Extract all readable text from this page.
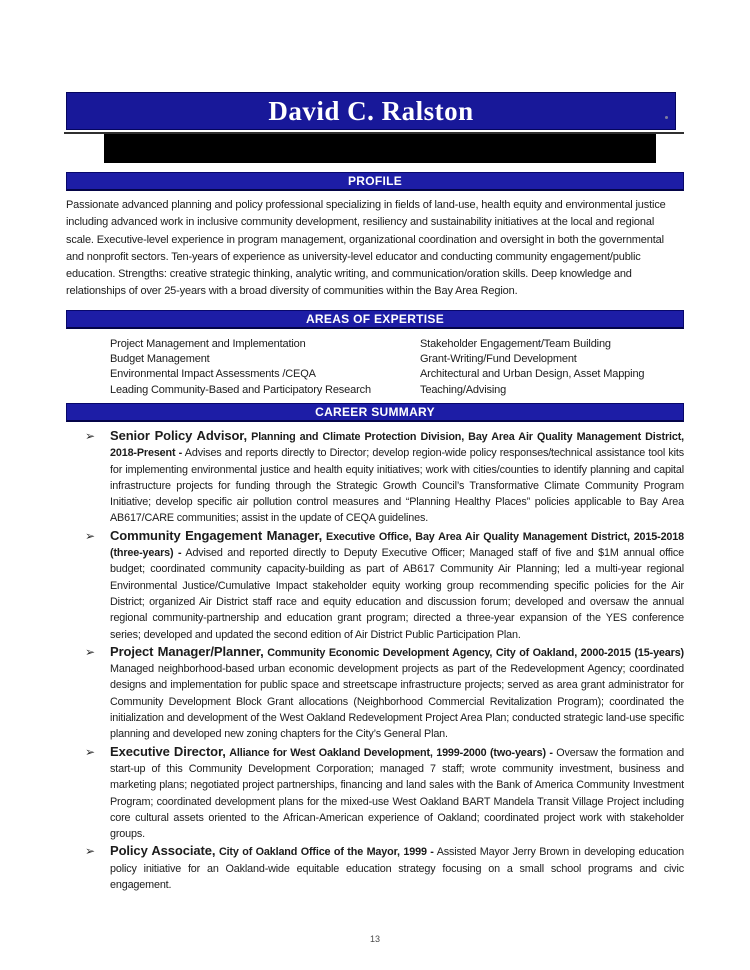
David C. Ralston
PROFILE

Passionate advanced planning and policy professional specializing in fields of land-use, health equity and environmental justice including advanced work in inclusive community development, resiliency and sustainability initiatives at the local and regional scale. Executive-level experience in program management, organizational coordination and oversight in both the governmental and nonprofit sectors. Ten-years of experience as university-level educator and conducting community engagement/public education. Strengths: creative strategic thinking, analytic writing, and communication/oration skills. Deep knowledge and relationships of over 25-years with a broad diversity of communities within the Bay Area Region.

AREAS OF EXPERTISE
Project Management and Implementation
Budget Management
Environmental Impact Assessments /CEQA
Leading Community-Based and Participatory Research
Stakeholder Engagement/Team Building
Grant-Writing/Fund Development
Architectural and Urban Design, Asset Mapping
Teaching/Advising
CAREER SUMMARY
➢ Senior Policy Advisor, Planning and Climate Protection Division, Bay Area Air Quality Management District, 2018-Present - Advises and reports directly to Director; develop region-wide policy responses/technical assistance tool kits for implementing environmental justice and health equity initiatives; work with cities/counties to identify planning and capital infrastructure projects for funding through the Strategic Growth Council’s Transformative Climate Community Program Initiative; develop specific air pollution control measures and “Planning Healthy Places” policies applicable to Bay Area AB617/CARE communities; assist in the update of CEQA guidelines.

➢ Community Engagement Manager, Executive Office, Bay Area Air Quality Management District, 2015-2018 (three-years) - Advised and reported directly to Deputy Executive Officer; Managed staff of five and $1M annual office budget; coordinated community capacity-building as part of AB617 Community Air Planning; led a multi-year regional Environmental Justice/Cumulative Impact stakeholder equity working group recommending specific policies for the Air District; organized Air District staff race and equity education and discussion forum; developed and oversaw the annual regional community-partnership and education grant program; directed a three-year expansion of the YES conference series; developed and updated the second edition of Air District Public Participation Plan.

➢ Project Manager/Planner, Community Economic Development Agency, City of Oakland, 2000-2015 (15-years) Managed neighborhood-based urban economic development projects as part of the Redevelopment Agency; coordinated designs and implementation for public space and streetscape infrastructure projects; served as area grant administrator for Community Development Block Grant allocations (Neighborhood Commercial Revitalization Program); coordinated the initialization and development of the West Oakland Redevelopment Project Area Plan; conducted strategic land-use specific planning and developed new zoning chapters for the City’s General Plan.

➢ Executive Director, Alliance for West Oakland Development, 1999-2000 (two-years) - Oversaw the formation and start-up of this Community Development Corporation; managed 7 staff; wrote community investment, business and marketing plans; negotiated project partnerships, financing and land sales with the Bank of America Community Investment Program; coordinated development plans for the mixed-use West Oakland BART Mandela Transit Village Project including core cultural assets oriented to the African-American experience of Oakland; coordinated project work with stakeholder groups.

➢ Policy Associate, City of Oakland Office of the Mayor, 1999 - Assisted Mayor Jerry Brown in developing education policy initiative for an Oakland-wide equitable education strategy focusing on a small school programs and civic engagement.

13
